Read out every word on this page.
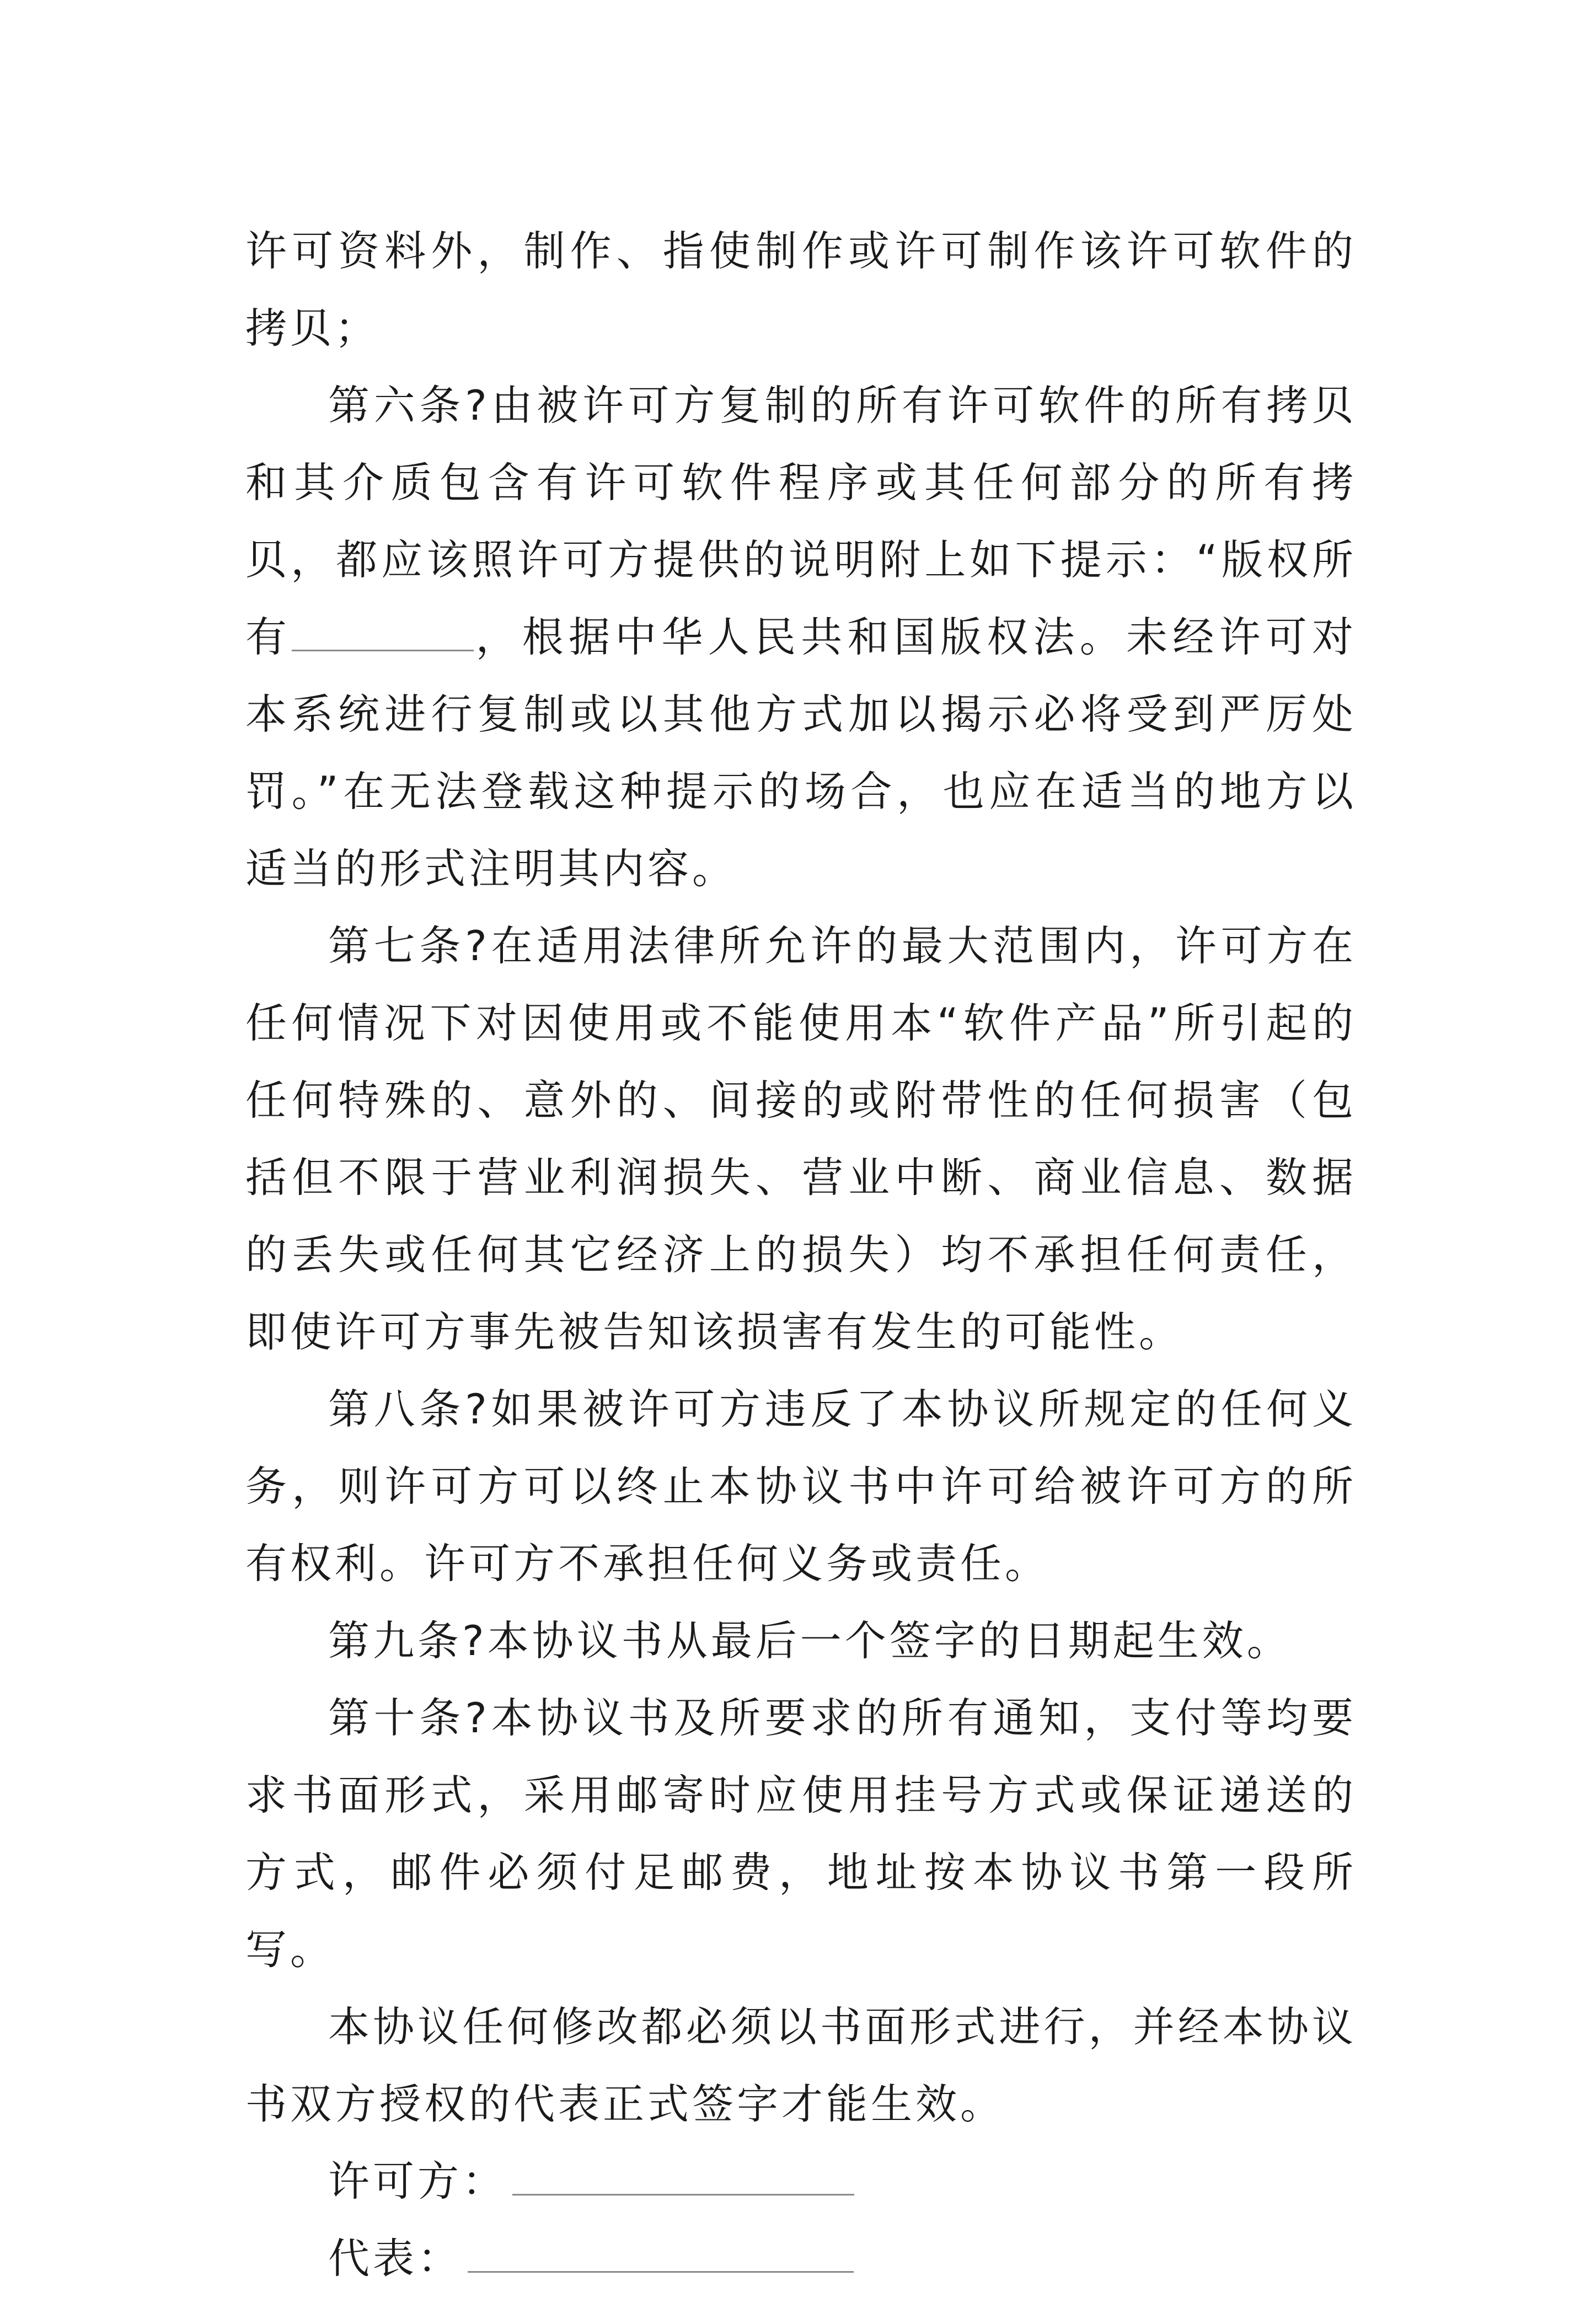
许可资料外，制作、指使制作或许可制作该许可软件的拷贝；

第六条?由被许可方复制的所有许可软件的所有拷贝和其介质包含有许可软件程序或其任何部分的所有拷贝，都应该照许可方提供的说明附上如下提示：“版权所有	，根据中华人民共和国版权法。未经许可对本系统进行复制或以其他方式加以揭示必将受到严厉处罚。”在无法登载这种提示的场合，也应在适当的地方以适当的形式注明其内容。

第七条?在适用法律所允许的最大范围内，许可方在任何情况下对因使用或不能使用本“软件产品”所引起的任何特殊的、意外的、间接的或附带性的任何损害（包括但不限于营业利润损失、营业中断、商业信息、数据的丢失或任何其它经济上的损失）均不承担任何责任，即使许可方事先被告知该损害有发生的可能性。

第八条?如果被许可方违反了本协议所规定的任何义务，则许可方可以终止本协议书中许可给被许可方的所有权利。许可方不承担任何义务或责任。

第九条?本协议书从最后一个签字的日期起生效。

第十条?本协议书及所要求的所有通知，支付等均要求书面形式，采用邮寄时应使用挂号方式或保证递送的方式，邮件必须付足邮费，地址按本协议书第一段所写。

本协议任何修改都必须以书面形式进行，并经本协议书双方授权的代表正式签字才能生效。

许可方：

代表：
